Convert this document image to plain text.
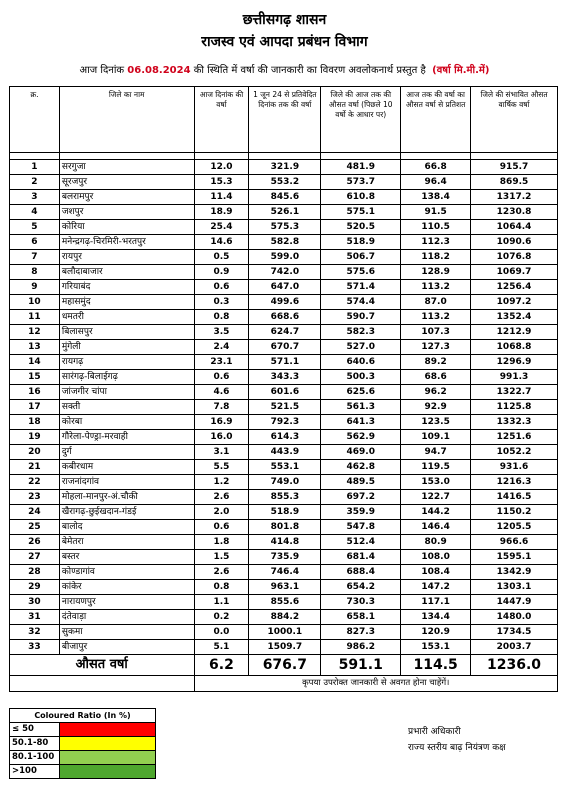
छत्तीसगढ़ शासन
राजस्व एवं आपदा प्रबंधन विभाग
आज दिनांक 06.08.2024 की स्थिति में वर्षा की जानकारी का विवरण अवलोकनार्थ प्रस्तुत है (वर्षा मि.मी.में)
क्र.	जिले का नाम	आज दिनांक की वर्षा	1 जून 24 से प्रतिवेदित दिनांक तक की वर्षा	जिले की आज तक की औसत वर्षा (पिछले 10 वर्षो के आधार पर)	आज तक की वर्षा का औसत वर्षा से प्रतिशत	जिले की संभावित औसत वार्षिक वर्षा

1	सरगुजा	12.0	321.9	481.9	66.8	915.7
2	सूरजपुर	15.3	553.2	573.7	96.4	869.5
3	बलरामपुर	11.4	845.6	610.8	138.4	1317.2
4	जशपुर	18.9	526.1	575.1	91.5	1230.8
5	कोरिया	25.4	575.3	520.5	110.5	1064.4
6	मनेन्द्रगढ़-चिरमिरी-भरतपुर	14.6	582.8	518.9	112.3	1090.6
7	रायपुर	0.5	599.0	506.7	118.2	1076.8
8	बलौदाबाजार	0.9	742.0	575.6	128.9	1069.7
9	गरियाबंद	0.6	647.0	571.4	113.2	1256.4
10	महासमुंद	0.3	499.6	574.4	87.0	1097.2
11	धमतरी	0.8	668.6	590.7	113.2	1352.4
12	बिलासपुर	3.5	624.7	582.3	107.3	1212.9
13	मुंगेली	2.4	670.7	527.0	127.3	1068.8
14	रायगढ़	23.1	571.1	640.6	89.2	1296.9
15	सारंगढ़-बिलाईगढ़	0.6	343.3	500.3	68.6	991.3
16	जांजगीर चांपा	4.6	601.6	625.6	96.2	1322.7
17	सक्ती	7.8	521.5	561.3	92.9	1125.8
18	कोरबा	16.9	792.3	641.3	123.5	1332.3
19	गौरेला-पेण्ड्रा-मरवाही	16.0	614.3	562.9	109.1	1251.6
20	दुर्ग	3.1	443.9	469.0	94.7	1052.2
21	कबीरधाम	5.5	553.1	462.8	119.5	931.6
22	राजनांदगांव	1.2	749.0	489.5	153.0	1216.3
23	मोहला-मानपुर-अं.चौकी	2.6	855.3	697.2	122.7	1416.5
24	खैरागढ़-छुईखदान-गंडई	2.0	518.9	359.9	144.2	1150.2
25	बालोद	0.6	801.8	547.8	146.4	1205.5
26	बेमेतरा	1.8	414.8	512.4	80.9	966.6
27	बस्तर	1.5	735.9	681.4	108.0	1595.1
28	कोण्डागांव	2.6	746.4	688.4	108.4	1342.9
29	कांकेर	0.8	963.1	654.2	147.2	1303.1
30	नारायणपुर	1.1	855.6	730.3	117.1	1447.9
31	दंतेवाड़ा	0.2	884.2	658.1	134.4	1480.0
32	सुकमा	0.0	1000.1	827.3	120.9	1734.5
33	बीजापुर	5.1	1509.7	986.2	153.1	2003.7
औसत वर्षा		6.2	676.7	591.1	114.5	1236.0
		कृपया उपरोक्त जानकारी से अवगत होना चाहेंगें।				
Coloured Ratio (In %)	
≤ 50	
50.1-80	
80.1-100	
>100	
प्रभारी अधिकारी
राज्य स्तरीय बाढ़ नियंत्रण कक्ष
